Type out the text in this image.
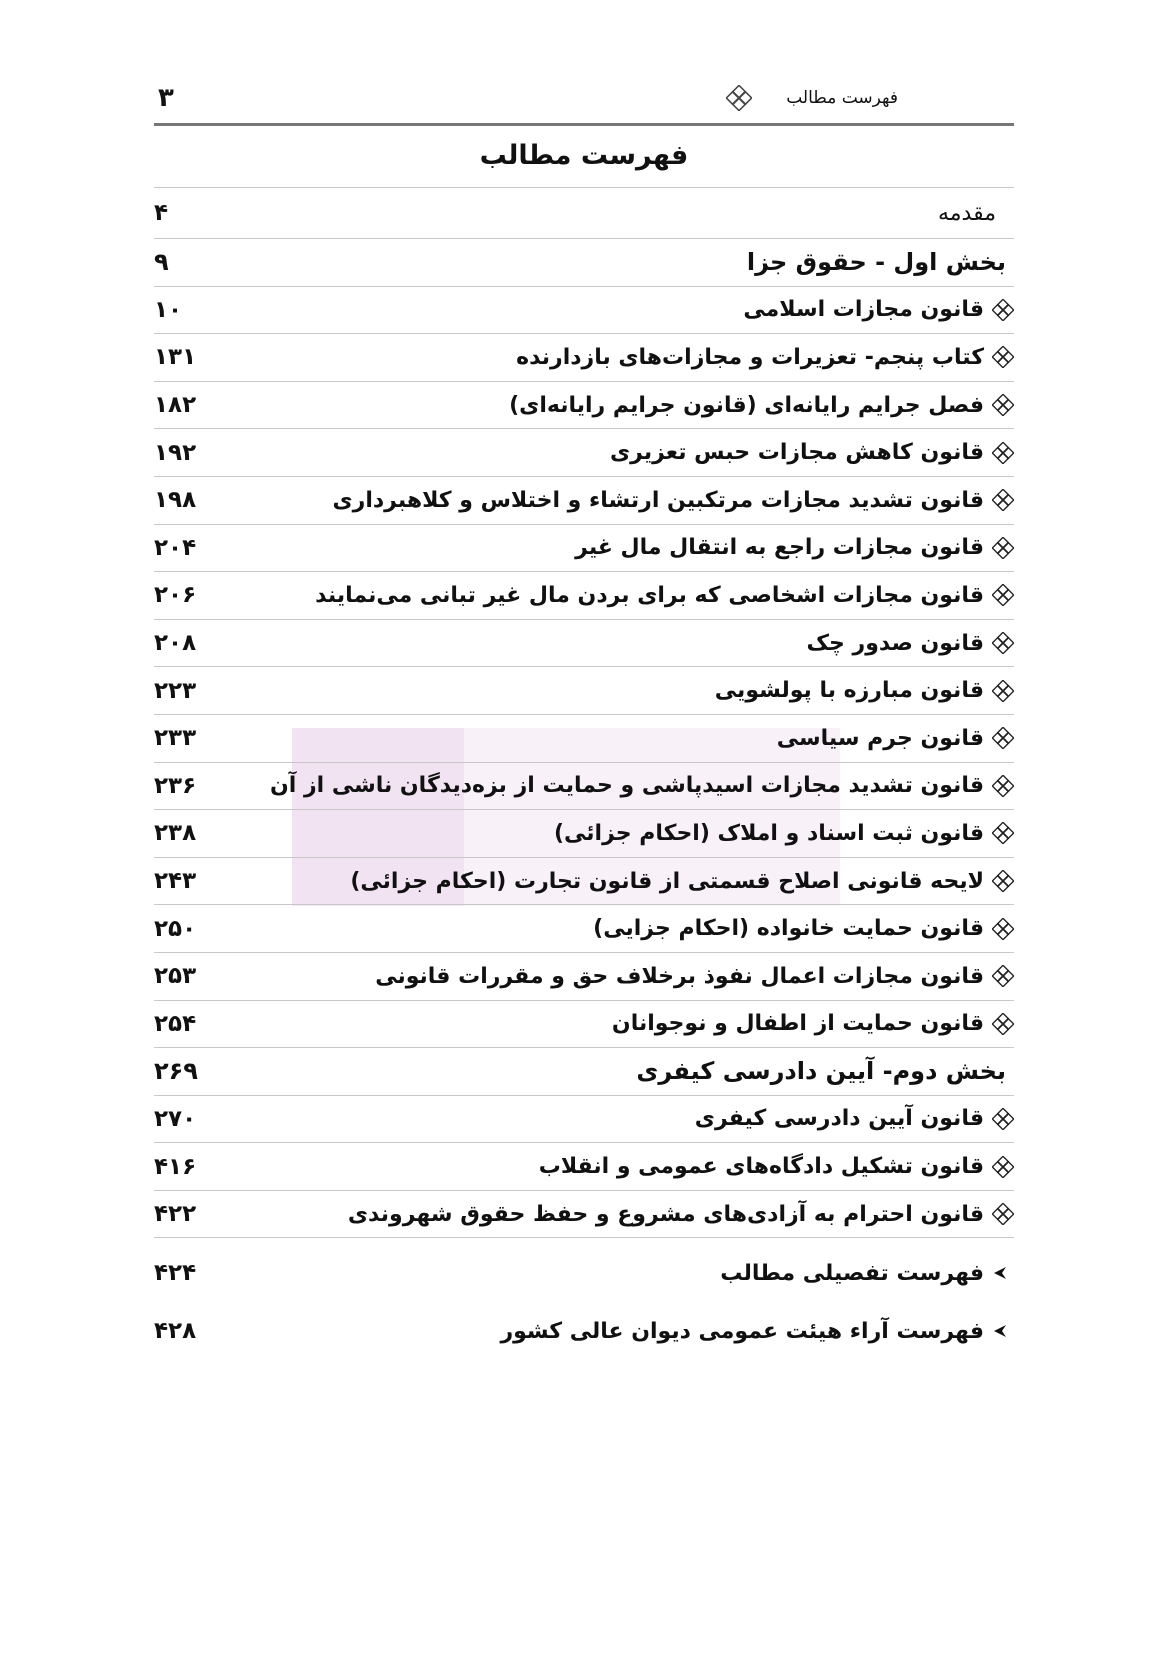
۳	فهرست مطالب
فهرست مطالب
مقدمه
۴
بخش اول - حقوق جزا
۹
قانون مجازات اسلامی
۱۰
کتاب پنجم- تعزیرات و مجازات‌های بازدارنده
۱۳۱
فصل جرایم رایانه‌ای (قانون جرایم رایانه‌ای)
۱۸۲
قانون کاهش مجازات حبس تعزیری
۱۹۲
قانون تشدید مجازات مرتکبین ارتشاء و اختلاس و کلاهبرداری
۱۹۸
قانون مجازات راجع به انتقال مال غیر
۲۰۴
قانون مجازات اشخاصی که برای بردن مال غیر تبانی می‌نمایند
۲۰۶
قانون صدور چک
۲۰۸
قانون مبارزه با پولشویی
۲۲۳
قانون جرم سیاسی
۲۳۳
قانون تشدید مجازات اسیدپاشی و حمایت از بزه‌دیدگان ناشی از آن
۲۳۶
قانون ثبت اسناد و املاک (احکام جزائی)
۲۳۸
لایحه قانونی اصلاح قسمتی از قانون تجارت (احکام جزائی)
۲۴۳
قانون حمایت خانواده (احکام جزایی)
۲۵۰
قانون مجازات اعمال نفوذ برخلاف حق و مقررات قانونی
۲۵۳
قانون حمایت از اطفال و نوجوانان
۲۵۴
بخش دوم- آیین دادرسی کیفری
۲۶۹
قانون آیین دادرسی کیفری
۲۷۰
قانون تشکیل دادگاه‌های عمومی و انقلاب
۴۱۶
قانون احترام به آزادی‌های مشروع و حفظ حقوق شهروندی
۴۲۲
فهرست تفصیلی مطالب
۴۲۴
فهرست آراء هیئت عمومی دیوان عالی کشور
۴۲۸
